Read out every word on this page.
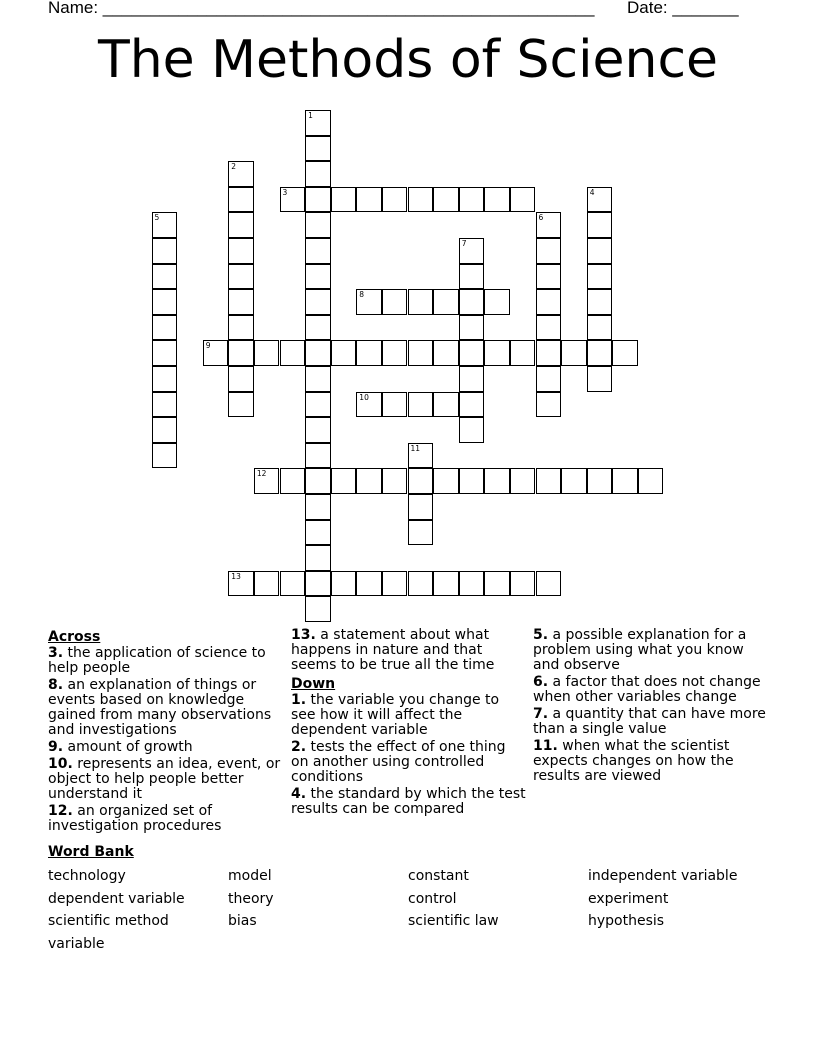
Name: ____________________________________________________ Date: _______
The Methods of Science
1
2
3	4
5	6
7
8
9
10
11
12
13
Across
3. the application of science to help people
8. an explanation of things or events based on knowledge gained from many observations and investigations
9. amount of growth
10. represents an idea, event, or object to help people better understand it
12. an organized set of investigation procedures
13. a statement about what happens in nature and that seems to be true all the time
Down
1. the variable you change to see how it will affect the dependent variable
2. tests the effect of one thing on another using controlled conditions
4. the standard by which the test results can be compared
5. a possible explanation for a problem using what you know and observe
6. a factor that does not change when other variables change
7. a quantity that can have more than a single value
11. when what the scientist expects changes on how the results are viewed
Word Bank
technology	model	constant	independent variable
dependent variable	theory	control	experiment
scientific method	bias	scientific law	hypothesis
variable
